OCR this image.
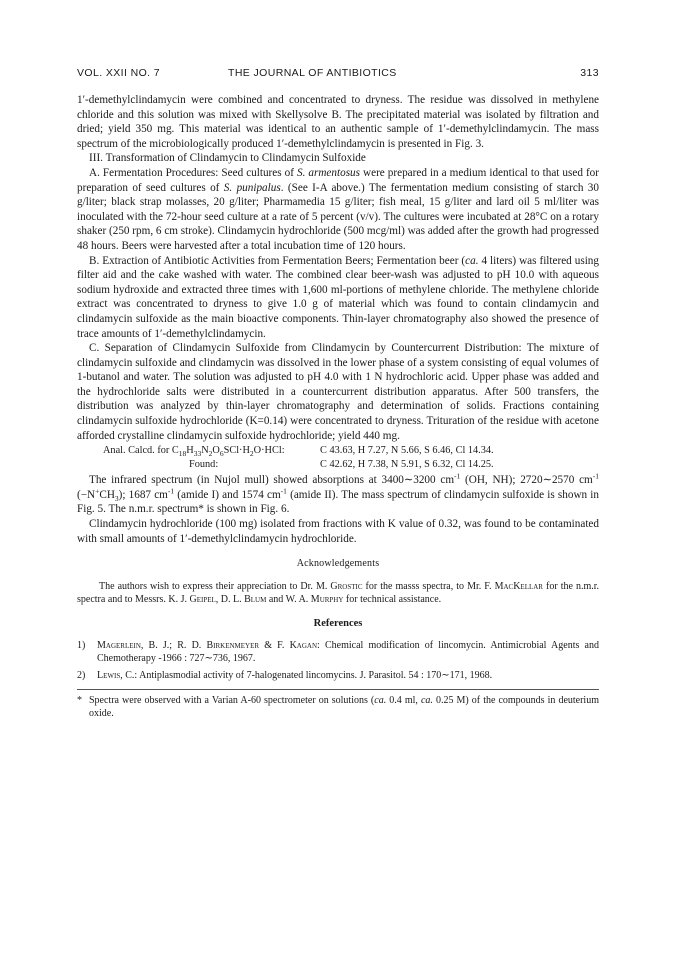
VOL. XXII NO. 7	THE JOURNAL OF ANTIBIOTICS	313

1′-demethylclindamycin were combined and concentrated to dryness. The residue was dissolved in methylene chloride and this solution was mixed with Skellysolve B. The precipitated material was isolated by filtration and dried; yield 350 mg. This material was identical to an authentic sample of 1′-demethylclindamycin. The mass spectrum of the microbiologically produced 1′-demethylclindamycin is presented in Fig. 3.

III. Transformation of Clindamycin to Clindamycin Sulfoxide

A. Fermentation Procedures: Seed cultures of S. armentosus were prepared in a medium identical to that used for preparation of seed cultures of S. punipalus. (See I-A above.) The fermentation medium consisting of starch 30 g/liter; black strap molasses, 20 g/liter; Pharmamedia 15 g/liter; fish meal, 15 g/liter and lard oil 5 ml/liter was inoculated with the 72-hour seed culture at a rate of 5 percent (v/v). The cultures were incubated at 28°C on a rotary shaker (250 rpm, 6 cm stroke). Clindamycin hydrochloride (500 mcg/ml) was added after the growth had progressed 48 hours. Beers were harvested after a total incubation time of 120 hours.

B. Extraction of Antibiotic Activities from Fermentation Beers; Fermentation beer (ca. 4 liters) was filtered using filter aid and the cake washed with water. The combined clear beer-wash was adjusted to pH 10.0 with aqueous sodium hydroxide and extracted three times with 1,600 ml-portions of methylene chloride. The methylene chloride extract was concentrated to dryness to give 1.0 g of material which was found to contain clindamycin and clindamycin sulfoxide as the main bioactive components. Thin-layer chromatography also showed the presence of trace amounts of 1′-demethylclindamycin.

C. Separation of Clindamycin Sulfoxide from Clindamycin by Countercurrent Distribution: The mixture of clindamycin sulfoxide and clindamycin was dissolved in the lower phase of a system consisting of equal volumes of 1-butanol and water. The solution was adjusted to pH 4.0 with 1 N hydrochloric acid. Upper phase was added and the hydrochloride salts were distributed in a countercurrent distribution apparatus. After 500 transfers, the distribution was analyzed by thin-layer chromatography and determination of solids. Fractions containing clindamycin sulfoxide hydrochloride (K=0.14) were concentrated to dryness. Trituration of the residue with acetone afforded crystalline clindamycin sulfoxide hydrochloride; yield 440 mg.

Anal. Calcd. for $C_{18}H_{33}N_2O_6SCl\cdot H_2O\cdot HCl$:	C 43.63, H 7.27, N 5.66, S 6.46, Cl 14.34.
Found:	C 42.62, H 7.38, N 5.91, S 6.32, Cl 14.25.

The infrared spectrum (in Nujol mull) showed absorptions at 3400∼3200 $cm^{-1}$ (OH, NH); 2720∼2570 $cm^{-1}$ $(-N^+CH_3)$; 1687 $cm^{-1}$ (amide I) and 1574 $cm^{-1}$ (amide II). The mass spectrum of clindamycin sulfoxide is shown in Fig. 5. The n.m.r. spectrum* is shown in Fig. 6.

Clindamycin hydrochloride (100 mg) isolated from fractions with K value of 0.32, was found to be contaminated with small amounts of 1′-demethylclindamycin hydrochloride.

Acknowledgements

The authors wish to express their appreciation to Dr. M. Grostic for the masss spectra, to Mr. F. MacKellar for the n.m.r. spectra and to Messrs. K. J. Geipel, D. L. Blum and W. A. Murphy for technical assistance.

References
1)	Magerlein, B. J.; R. D. Birkenmeyer & F. Kagan: Chemical modification of lincomycin. Antimicrobial Agents and Chemotherapy -1966 : 727∼736, 1967.
2)	Lewis, C.: Antiplasmodial activity of 7-halogenated lincomycins. J. Parasitol. 54 : 170∼171, 1968.
* Spectra were observed with a Varian A-60 spectrometer on solutions (ca. 0.4 ml, ca. 0.25 M) of the compounds in deuterium oxide.
